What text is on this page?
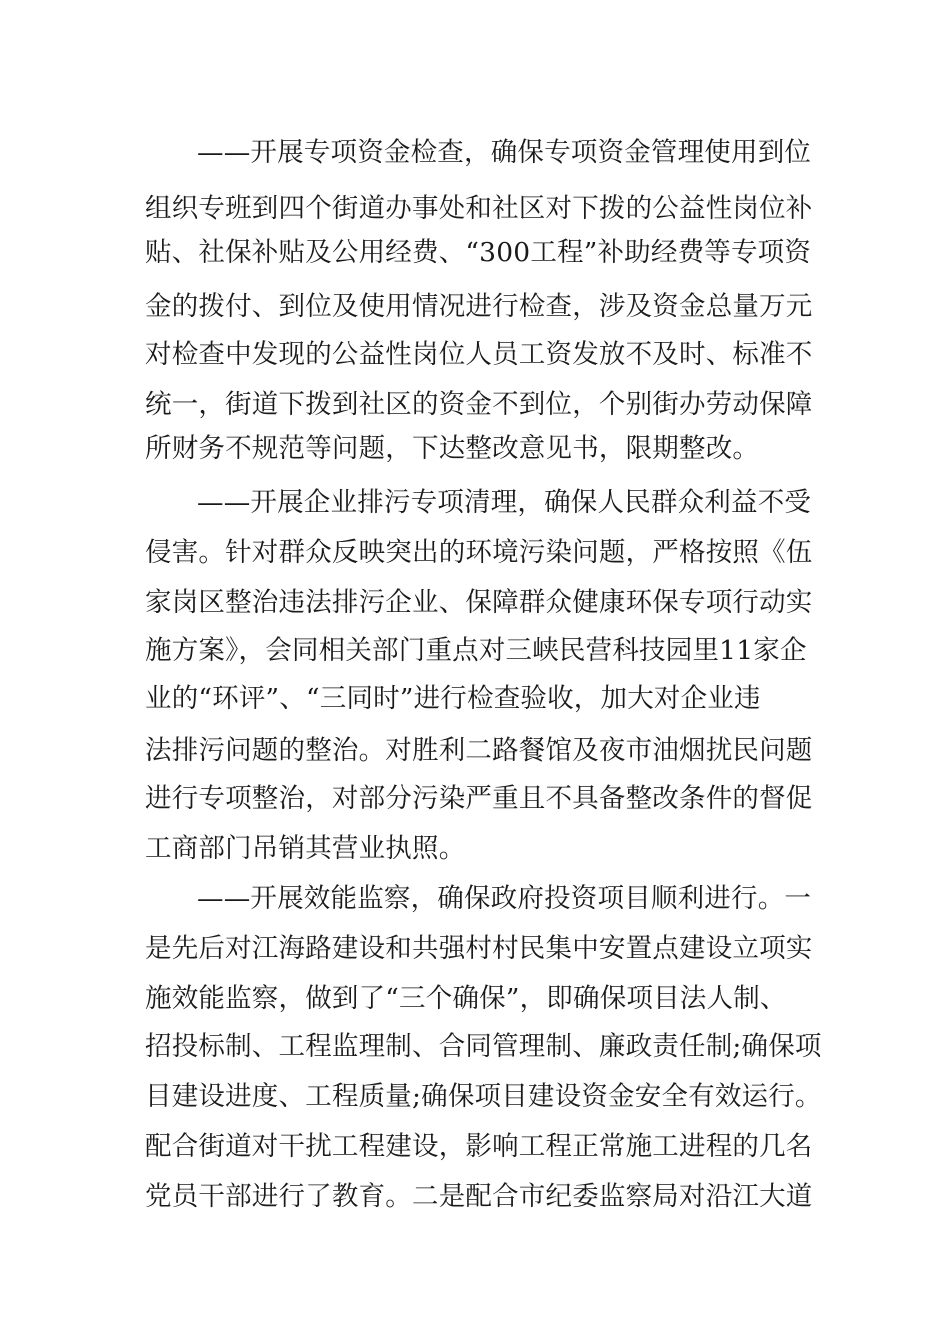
——开展专项资金检查，确保专项资金管理使用到位
组织专班到四个街道办事处和社区对下拨的公益性岗位补
贴、社保补贴及公用经费、“300工程”补助经费等专项资
金的拨付、到位及使用情况进行检查，涉及资金总量万元
对检查中发现的公益性岗位人员工资发放不及时、标准不
统一，街道下拨到社区的资金不到位，个别街办劳动保障
所财务不规范等问题，下达整改意见书，限期整改。
——开展企业排污专项清理，确保人民群众利益不受
侵害。针对群众反映突出的环境污染问题，严格按照《伍
家岗区整治违法排污企业、保障群众健康环保专项行动实
施方案》，会同相关部门重点对三峡民营科技园里11家企
业的“环评”、“三同时”进行检查验收，加大对企业违
法排污问题的整治。对胜利二路餐馆及夜市油烟扰民问题
进行专项整治，对部分污染严重且不具备整改条件的督促
工商部门吊销其营业执照。
——开展效能监察，确保政府投资项目顺利进行。一
是先后对江海路建设和共强村村民集中安置点建设立项实
施效能监察，做到了“三个确保”，即确保项目法人制、
招投标制、工程监理制、合同管理制、廉政责任制;确保项
目建设进度、工程质量;确保项目建设资金安全有效运行。
配合街道对干扰工程建设，影响工程正常施工进程的几名
党员干部进行了教育。二是配合市纪委监察局对沿江大道
